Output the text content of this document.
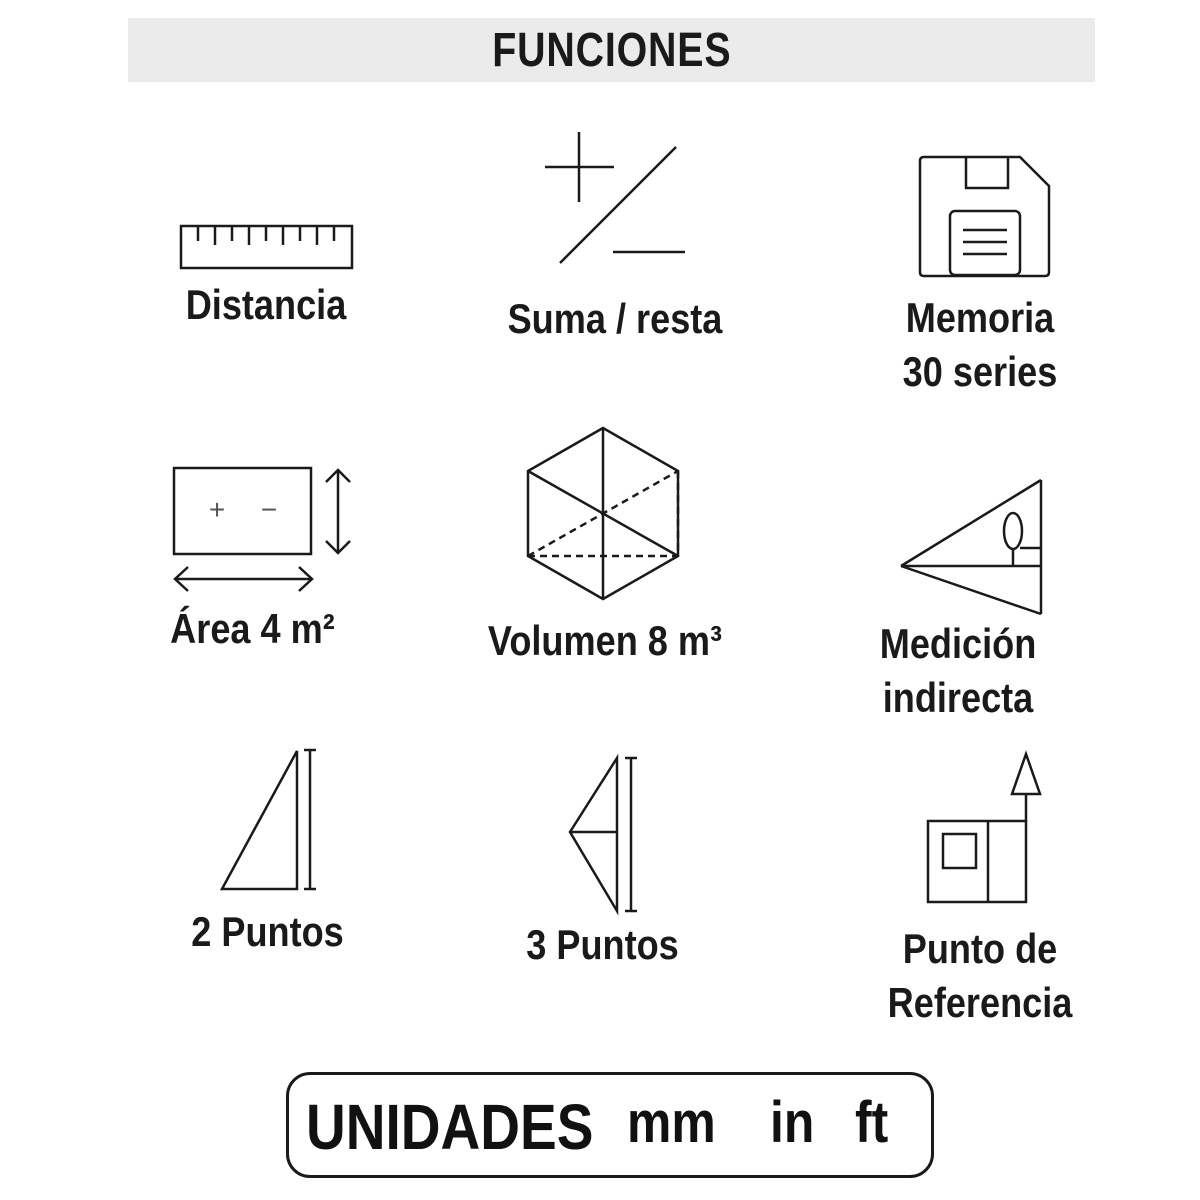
FUNCIONES
Distancia	Suma / resta	Memoria
30 series
+ −
Área 4 m²	Volumen 8 m³	Medición
indirecta
2 Puntos	3 Puntos	Punto de
Referencia
UNIDADES mm in ft
